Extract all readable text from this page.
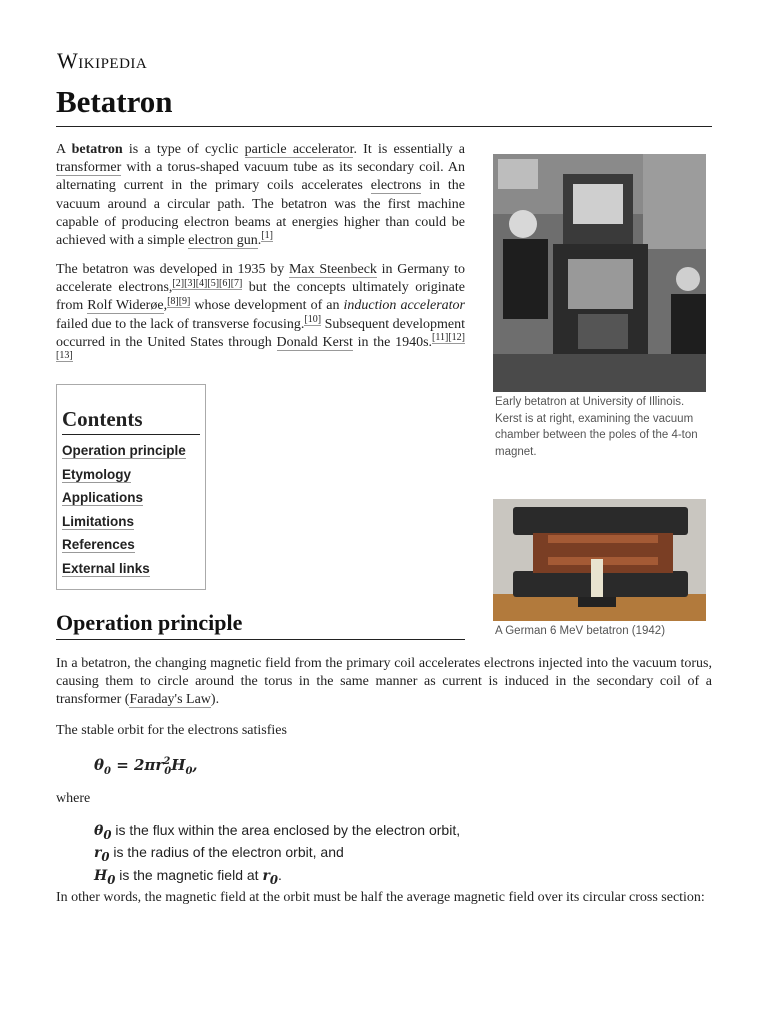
Wikipedia
Betatron

A betatron is a type of cyclic particle accelerator. It is essentially a transformer with a torus-shaped vacuum tube as its secondary coil. An alternating current in the primary coils accelerates electrons in the vacuum around a circular path. The betatron was the first machine capable of producing electron beams at energies higher than could be achieved with a simple electron gun.[1]

The betatron was developed in 1935 by Max Steenbeck in Germany to accelerate electrons,[2][3][4][5][6][7] but the concepts ultimately originate from Rolf Widerøe,[8][9] whose development of an induction accelerator failed due to the lack of transverse focusing.[10] Subsequent development occurred in the United States through Donald Kerst in the 1940s.[11][12][13]

Early betatron at University of Illinois. Kerst is at right, examining the vacuum chamber between the poles of the 4-ton magnet.
A German 6 MeV betatron (1942)
Contents
Operation principle
Etymology
Applications
Limitations
References
External links
Operation principle

In a betatron, the changing magnetic field from the primary coil accelerates electrons injected into the vacuum torus, causing them to circle around the torus in the same manner as current is induced in the secondary coil of a transformer (Faraday's Law).

The stable orbit for the electrons satisfies

$\theta_0 = 2\pi r^2_0H_0$,

where

$\theta_0$ is the flux within the area enclosed by the electron orbit,
$r_0$ is the radius of the electron orbit, and
$H_0$ is the magnetic field at $r_0$.

In other words, the magnetic field at the orbit must be half the average magnetic field over its circular cross section:
